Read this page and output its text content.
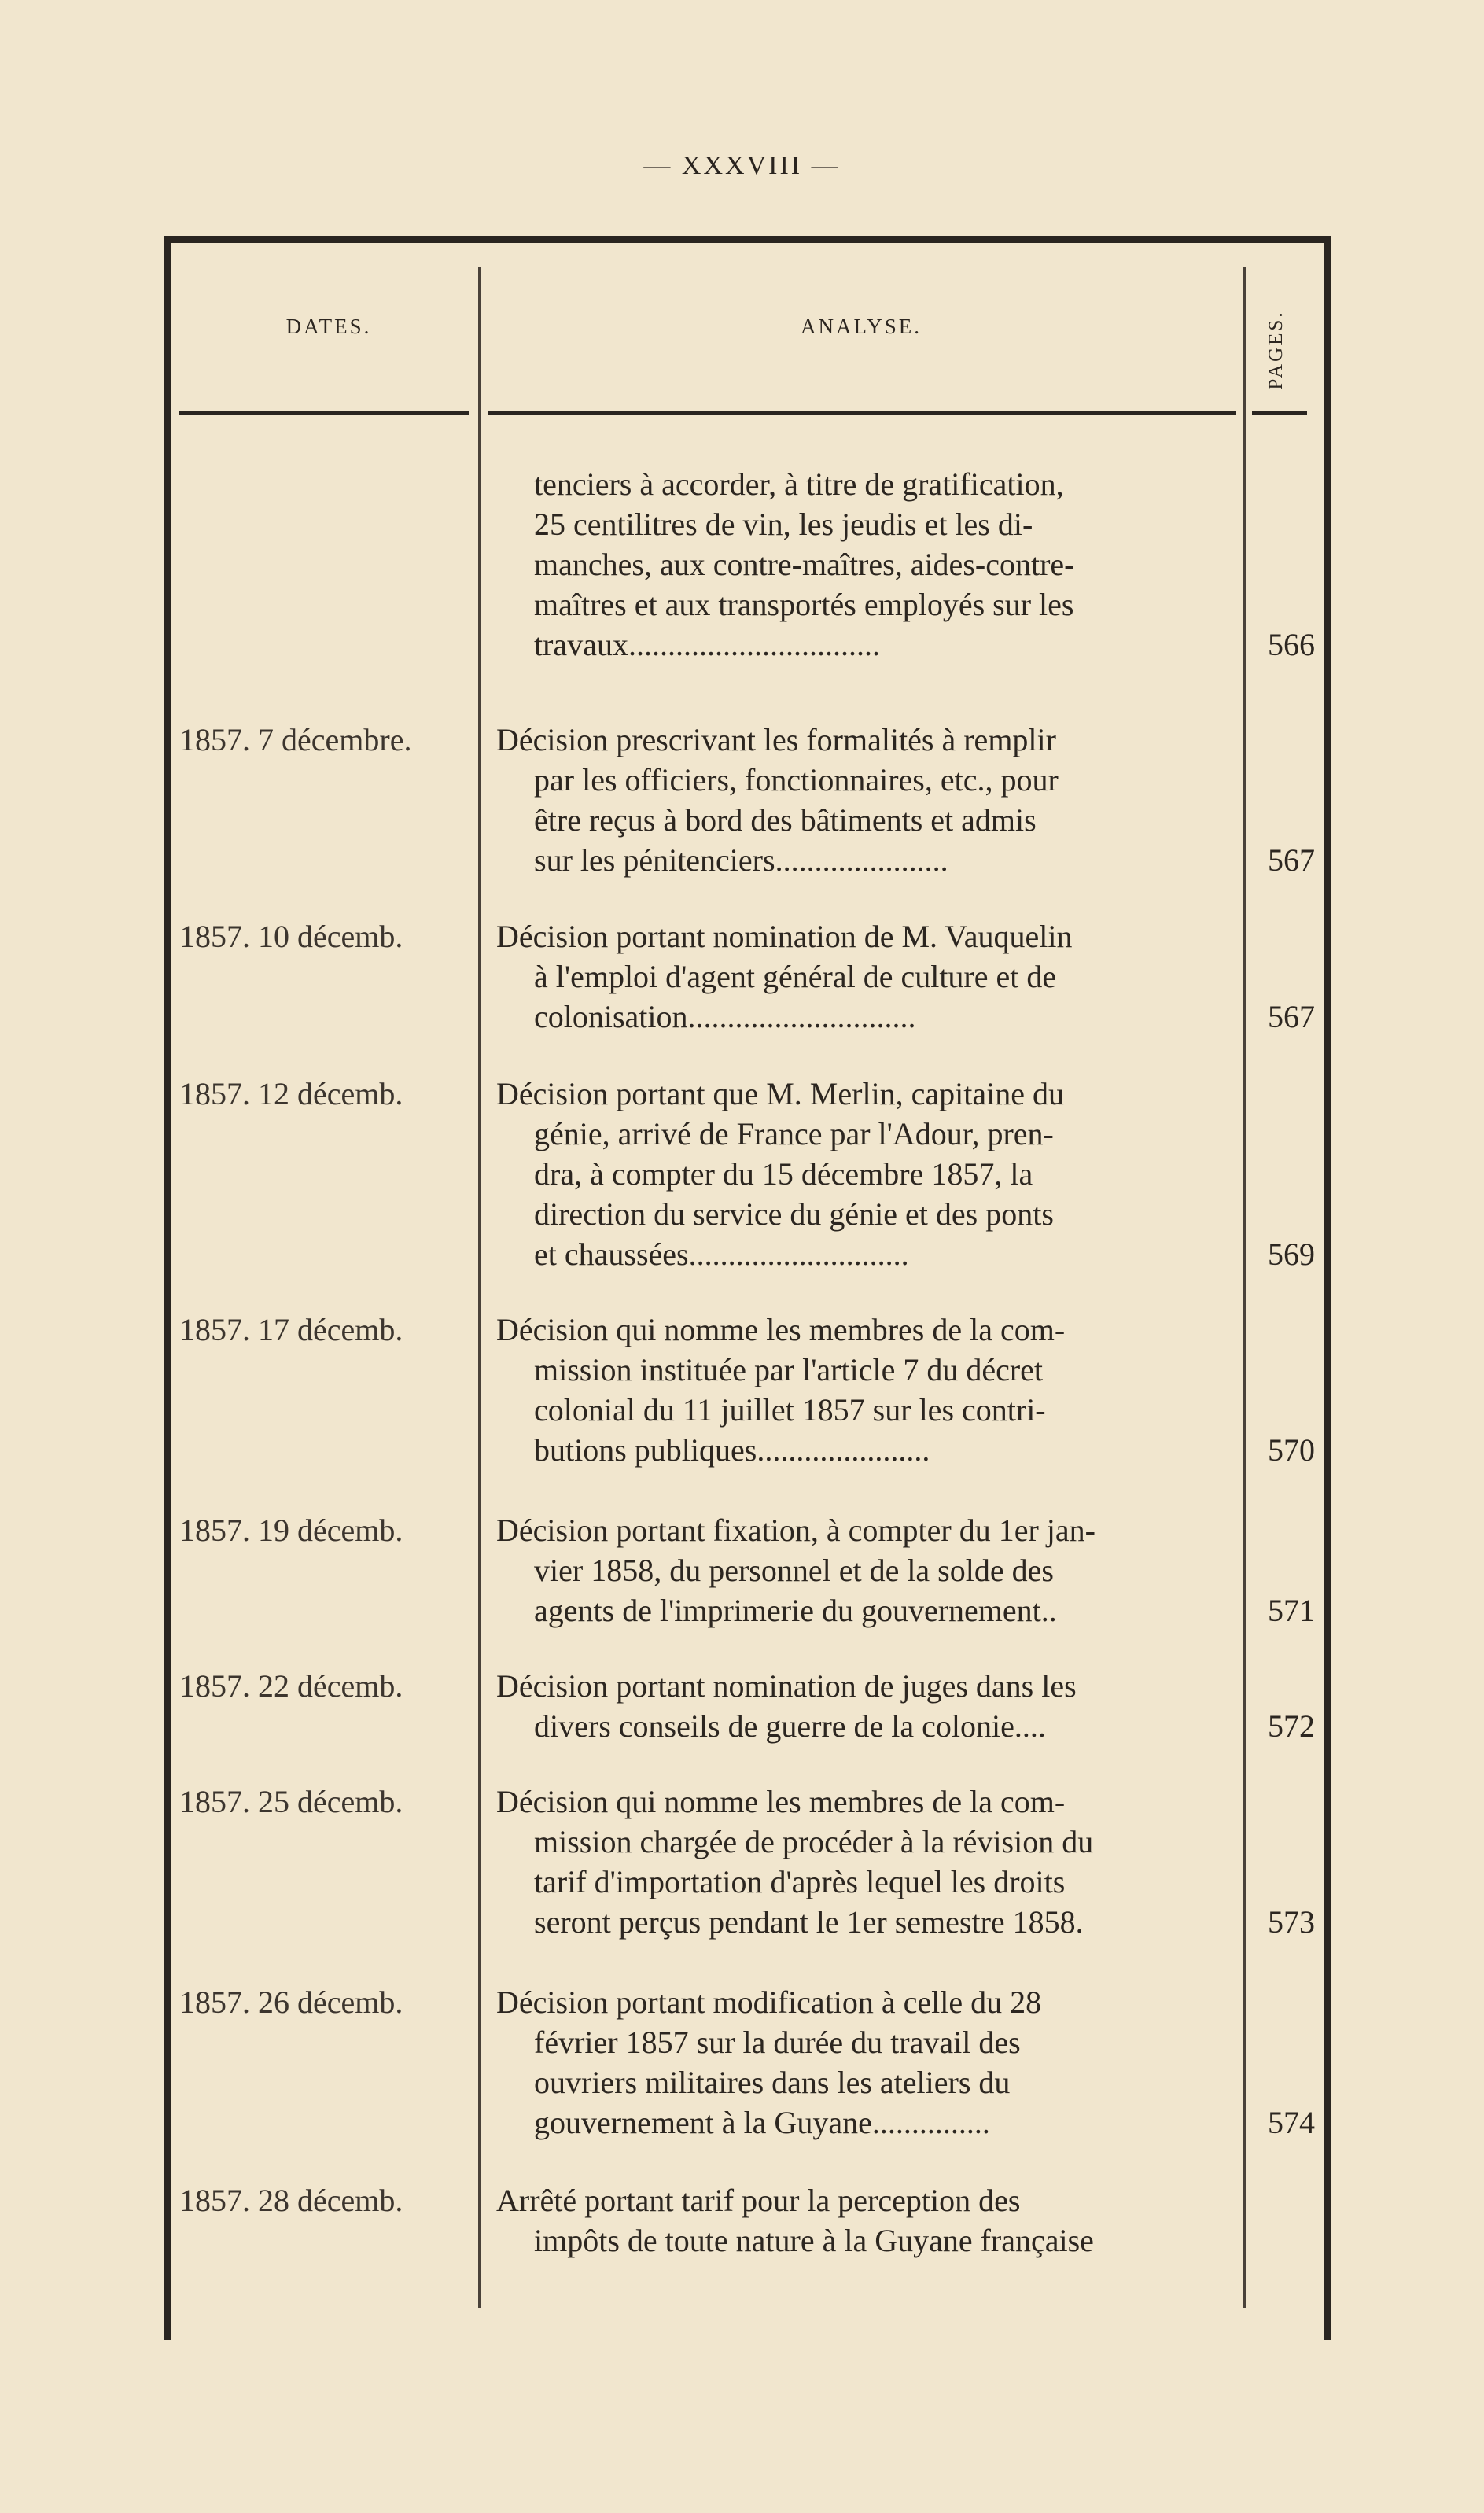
— XXXVIII —
DATES.	ANALYSE.	PAGES.
tenciers à accorder, à titre de gratification,
25 centilitres de vin, les jeudis et les di-
manches, aux contre-maîtres, aides-contre-
maîtres et aux transportés employés sur les
travaux................................	566
1857. 7 décembre.	Décision prescrivant les formalités à remplir
par les officiers, fonctionnaires, etc., pour
être reçus à bord des bâtiments et admis
sur les pénitenciers......................	567
1857. 10 décemb.	Décision portant nomination de M. Vauquelin
à l'emploi d'agent général de culture et de
colonisation.............................	567
1857. 12 décemb.	Décision portant que M. Merlin, capitaine du
génie, arrivé de France par l'Adour, pren-
dra, à compter du 15 décembre 1857, la
direction du service du génie et des ponts
et chaussées............................	569
1857. 17 décemb.	Décision qui nomme les membres de la com-
mission instituée par l'article 7 du décret
colonial du 11 juillet 1857 sur les contri-
butions publiques......................	570
1857. 19 décemb.	Décision portant fixation, à compter du 1er jan-
vier 1858, du personnel et de la solde des
agents de l'imprimerie du gouvernement..	571
1857. 22 décemb.	Décision portant nomination de juges dans les
divers conseils de guerre de la colonie....	572
1857. 25 décemb.	Décision qui nomme les membres de la com-
mission chargée de procéder à la révision du
tarif d'importation d'après lequel les droits
seront perçus pendant le 1er semestre 1858.	573
1857. 26 décemb.	Décision portant modification à celle du 28
février 1857 sur la durée du travail des
ouvriers militaires dans les ateliers du
gouvernement à la Guyane...............	574
1857. 28 décemb.	Arrêté portant tarif pour la perception des
impôts de toute nature à la Guyane française
